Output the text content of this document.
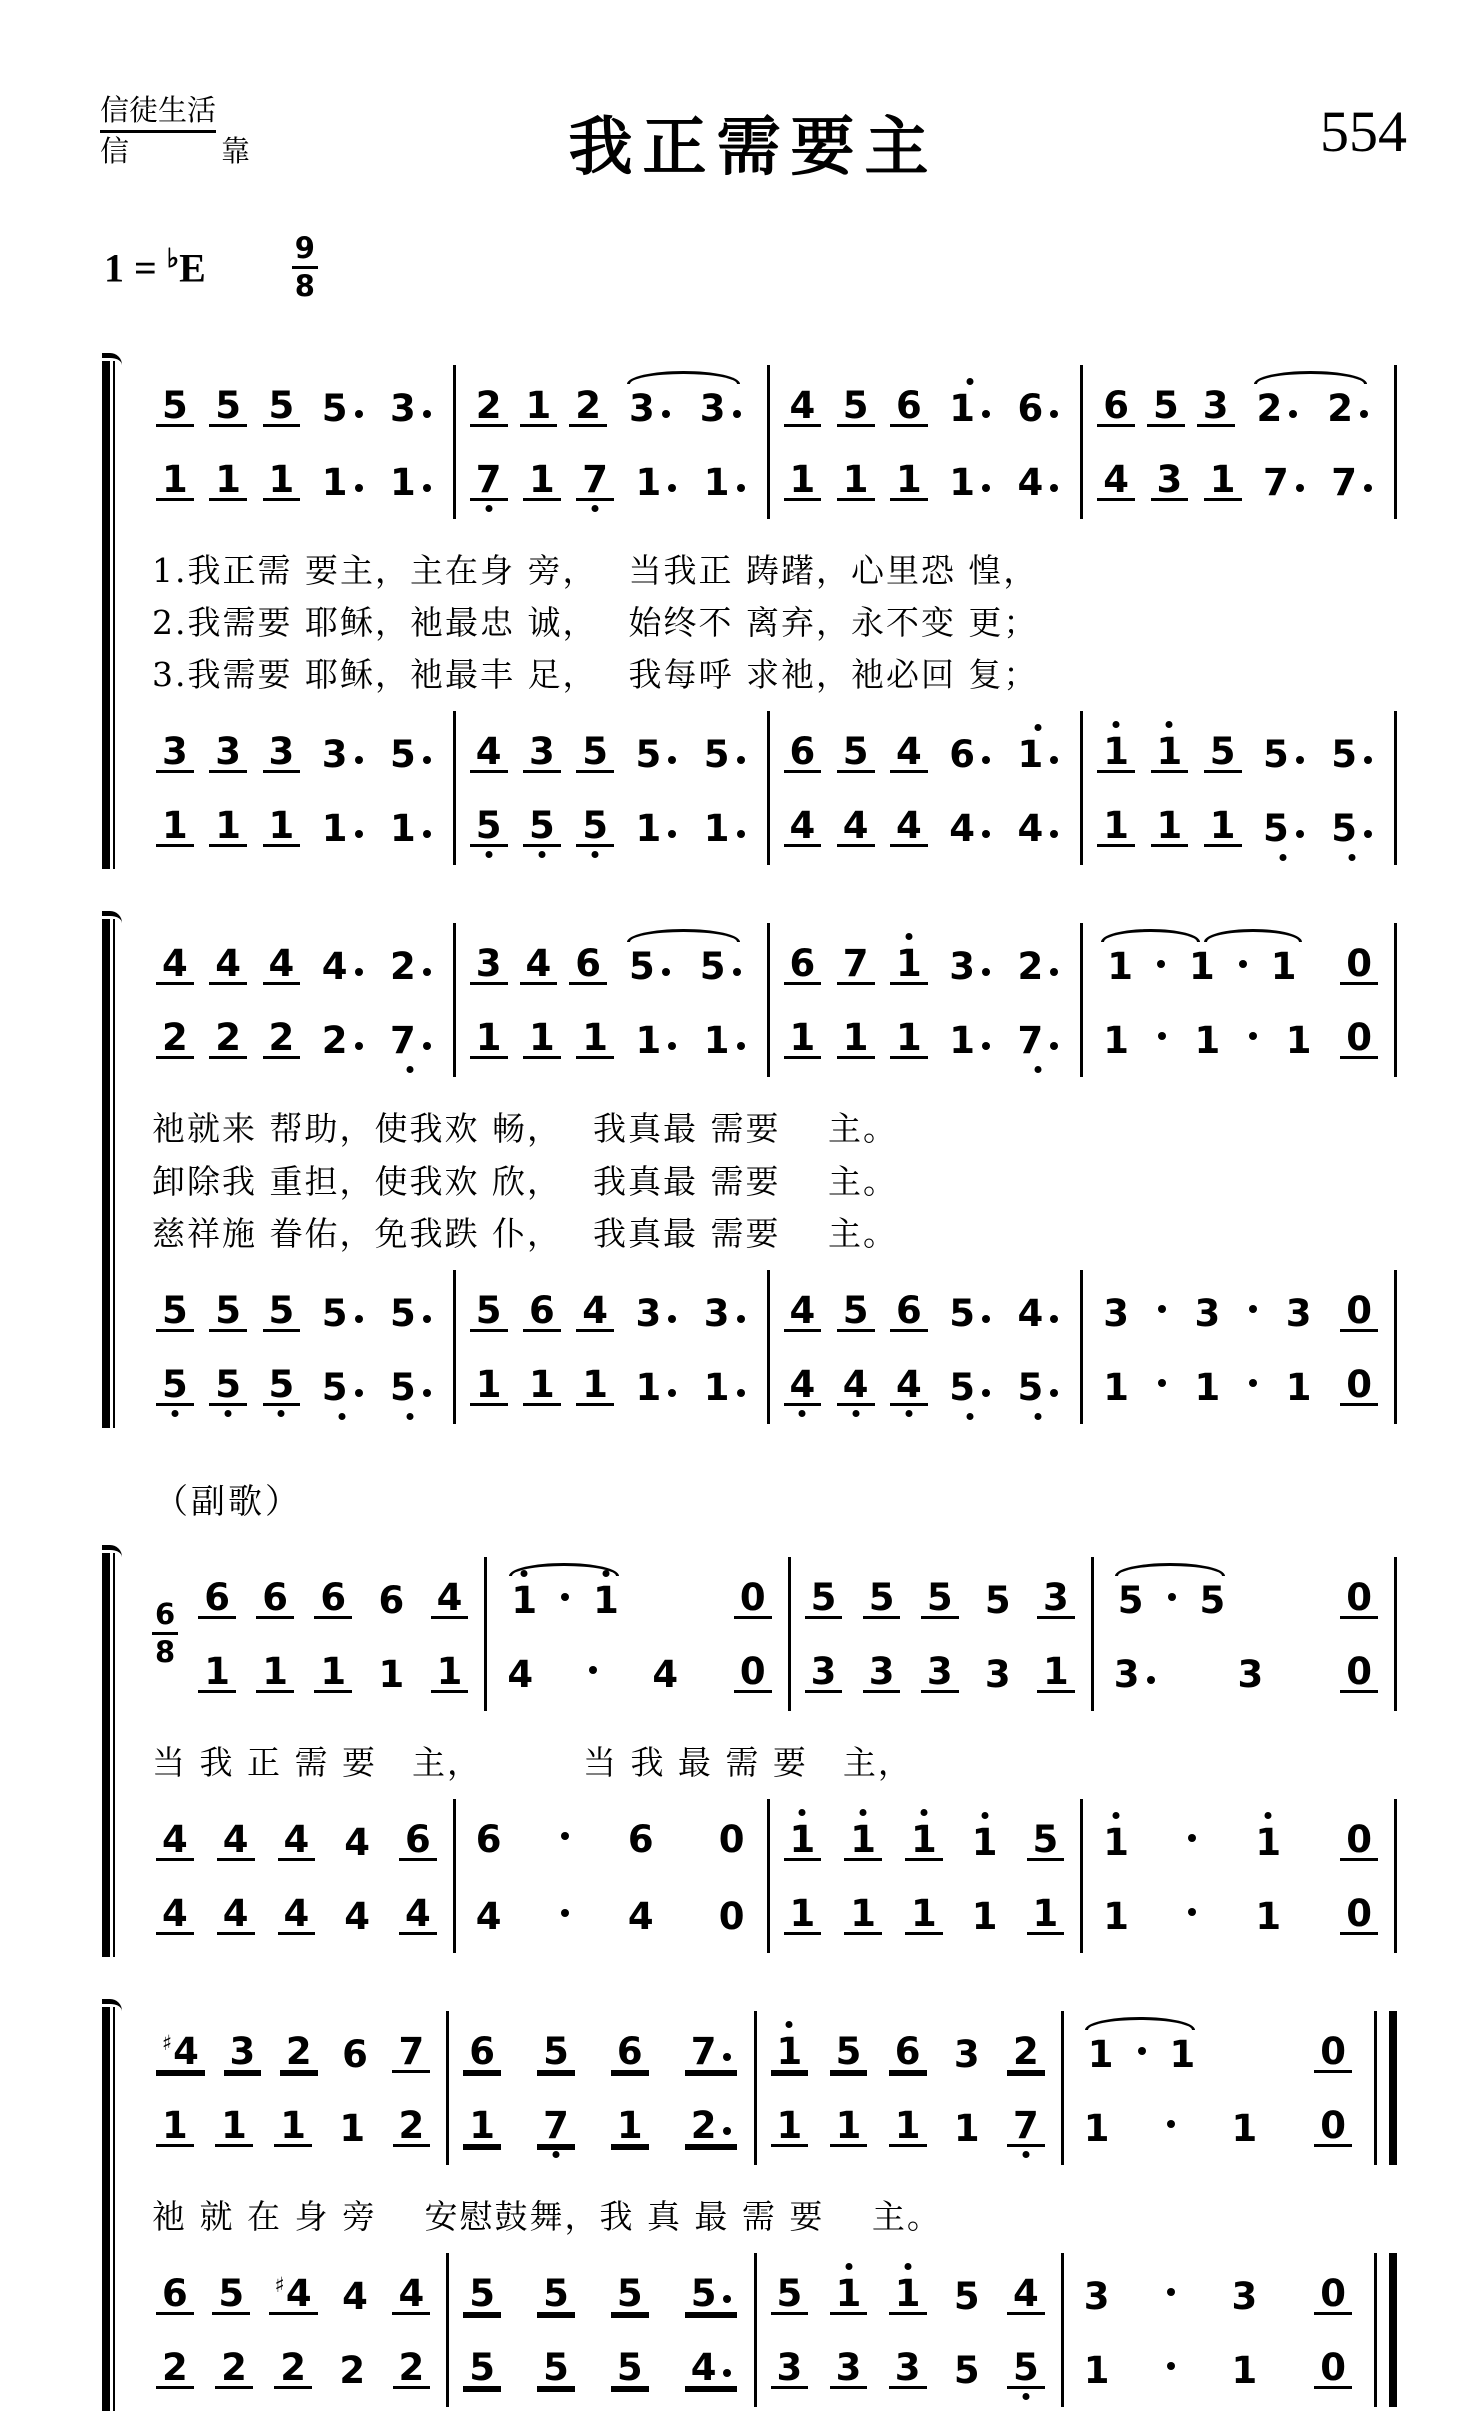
信徒生活
信	靠	我正需要主	554
1 = ♭E	9
8
5 5 5 5	3
1 1 1 1	1
2 1 2 3	3
7 1 7 1	1
4 5 6 1	6
1 1 1 1	4
6 5 3 2	2
4 3 1 7	7
1.我正需 要主，主在身 旁，　 当我正 踌躇，心里恐 惶，
2.我需要 耶稣，祂最忠 诚，　 始终不 离弃，永不变 更；
3.我需要 耶稣，祂最丰 足，　 我每呼 求祂，祂必回 复；
3 3 3 3	5
1 1 1 1	1
4 3 5 5	5
5 5 5 1	1
6 5 4 6	1
4 4 4 4	4
1 1 5 5	5
1 1 1 5	5
4 4 4 4	2
2 2 2 2	7
3 4 6 5	5
1 1 1 1	1
6 7 1 3	2
1 1 1 1	7
1 1 1 0
1 1 1 0
祂就来 帮助，使我欢 畅，　 我真最 需要　 主。
卸除我 重担，使我欢 欣，　 我真最 需要　 主。
慈祥施 眷佑，免我跌 仆，　 我真最 需要　 主。
5 5 5 5	5
5 5 5 5	5
5 6 4 3	3
1 1 1 1	1
4 5 6 5	4
4 4 4 5	5
3 3 3 0
1 1 1 0
（副歌）
6
8
6 6 6 6 4
1 1 1 1 1
1 1	0
4	4 0
5 5 5 5 3
3 3 3 3 1
5 5	0
3	3 0
当 我 正 需 要　主，　　　 当 我 最 需 要　主，
4 4 4 4 6
4 4 4 4 4
6	6 0
4	4 0
1 1 1 1 5
1 1 1 1 1
1	1 0
1	1 0
♯4 3 2 6 7
1 1 1 1 2
6 5 6 7
1 7 1 2
1 5 6 3 2
1 1 1 1 7
1 1	0
1	1 0
祂 就 在 身 旁　 安慰鼓舞，我 真 最 需 要　 主。
6 5 ♯4 4 4
2 2 2 2 2
5 5 5 5
5 5 5 4
5 1 1 5 4
3 3 3 5 5
3	3 0
1	1 0
